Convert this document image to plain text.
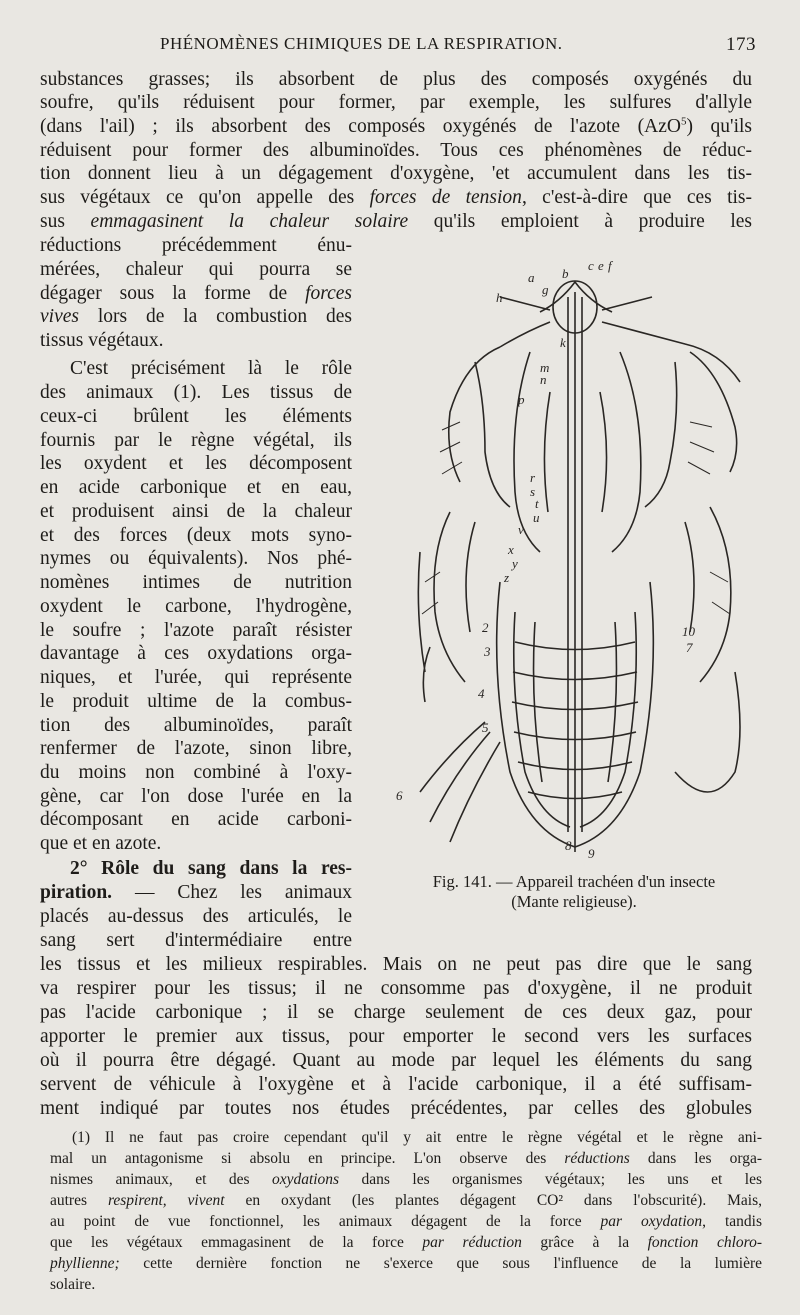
PHÉNOMÈNES CHIMIQUES DE LA RESPIRATION.	173
substances grasses; ils absorbent de plus des composés oxygénés du
soufre, qu'ils réduisent pour former, par exemple, les sulfures d'allyle
(dans l'ail) ; ils absorbent des composés oxygénés de l'azote (AzO$^5$) qu'ils
réduisent pour former des albuminoïdes. Tous ces phénomènes de réduc-
tion donnent lieu à un dégagement d'oxygène, 'et accumulent dans les tis-
sus végétaux ce qu'on appelle des forces de tension, c'est-à-dire que ces tis-
sus emmagasinent la chaleur solaire qu'ils emploient à produire les
réductions précédemment énu-
mérées, chaleur qui pourra se
dégager sous la forme de forces
vives lors de la combustion des
tissus végétaux.
C'est précisément là le rôle
des animaux (1). Les tissus de
ceux-ci brûlent les éléments
fournis par le règne végétal, ils
les oxydent et les décomposent
en acide carbonique et en eau,
et produisent ainsi de la chaleur
et des forces (deux mots syno-
nymes ou équivalents). Nos phé-
nomènes intimes de nutrition
oxydent le carbone, l'hydrogène,
le soufre ; l'azote paraît résister
davantage à ces oxydations orga-
niques, et l'urée, qui représente
le produit ultime de la combus-
tion des albuminoïdes, paraît
renfermer de l'azote, sinon libre,
du moins non combiné à l'oxy-
gène, car l'on dose l'urée en la
décomposant en acide carboni-
que et en azote.
2° Rôle du sang dans la res-
piration. — Chez les animaux
placés au-dessus des articulés, le
sang sert d'intermédiaire entre
les tissus et les milieux respirables. Mais on ne peut pas dire que le sang
va respirer pour les tissus; il ne consomme pas d'oxygène, il ne produit
pas l'acide carbonique ; il se charge seulement de ces deux gaz, pour
apporter le premier aux tissus, pour emporter le second vers les surfaces
où il pourra être dégagé. Quant au mode par lequel les éléments du sang
servent de véhicule à l'oxygène et à l'acide carbonique, il a été suffisam-
ment indiqué par toutes nos études précédentes, par celles des globules
a b
c e f
g
h
k
m
n
p
r
s
t
u
v
x
y
z
2
3
4
5
6
7
8
9
10
Fig. 141. — Appareil trachéen d'un insecte
(Mante religieuse).
(1) Il ne faut pas croire cependant qu'il y ait entre le règne végétal et le règne ani-
mal un antagonisme si absolu en principe. L'on observe des réductions dans les orga-
nismes animaux, et des oxydations dans les organismes végétaux; les uns et les
autres respirent, vivent en oxydant (les plantes dégagent CO² dans l'obscurité). Mais,
au point de vue fonctionnel, les animaux dégagent de la force par oxydation, tandis
que les végétaux emmagasinent de la force par réduction grâce à la fonction chloro-
phyllienne; cette dernière fonction ne s'exerce que sous l'influence de la lumière
solaire.
